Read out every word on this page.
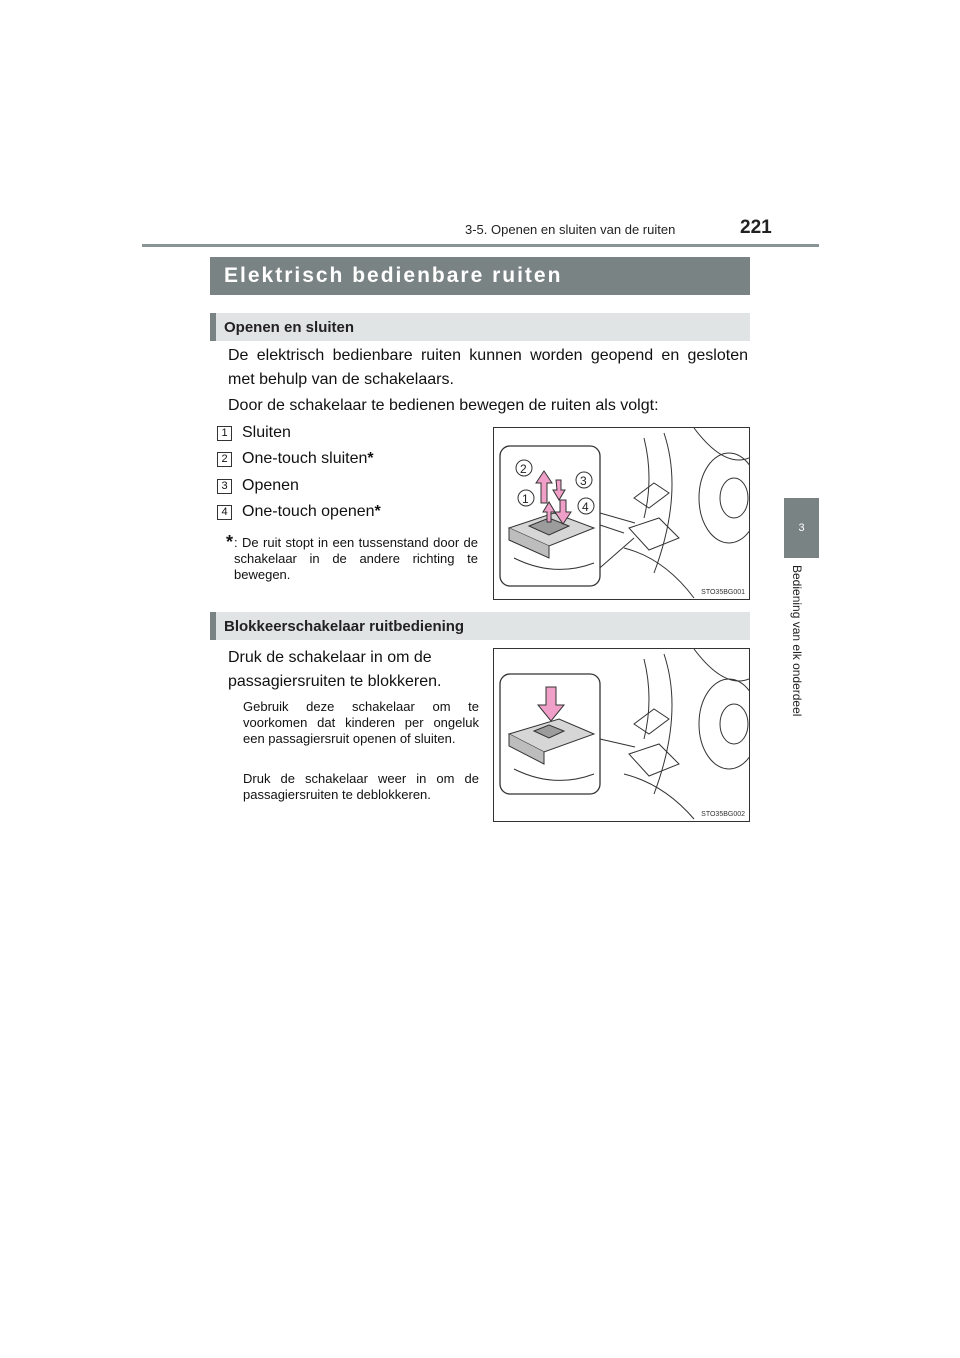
3-5. Openen en sluiten van de ruiten	221
3
Bediening van elk onderdeel
Elektrisch bedienbare ruiten
Openen en sluiten
De elektrisch bedienbare ruiten kunnen worden geopend en gesloten met behulp van de schakelaars.
Door de schakelaar te bedienen bewegen de ruiten als volgt:
1 Sluiten
2 One-touch sluiten *
3 Openen
4 One-touch openen *
* : De ruit stopt in een tussenstand door de schakelaar in de andere richting te bewegen.
2
3
1
4
STO35BG001
Blokkeerschakelaar ruitbediening
Druk de schakelaar in om de passagiersruiten te blokkeren.
Gebruik deze schakelaar om te voorkomen dat kinderen per ongeluk een passagiersruit openen of sluiten.
Druk de schakelaar weer in om de passagiersruiten te deblokkeren.
STO35BG002
